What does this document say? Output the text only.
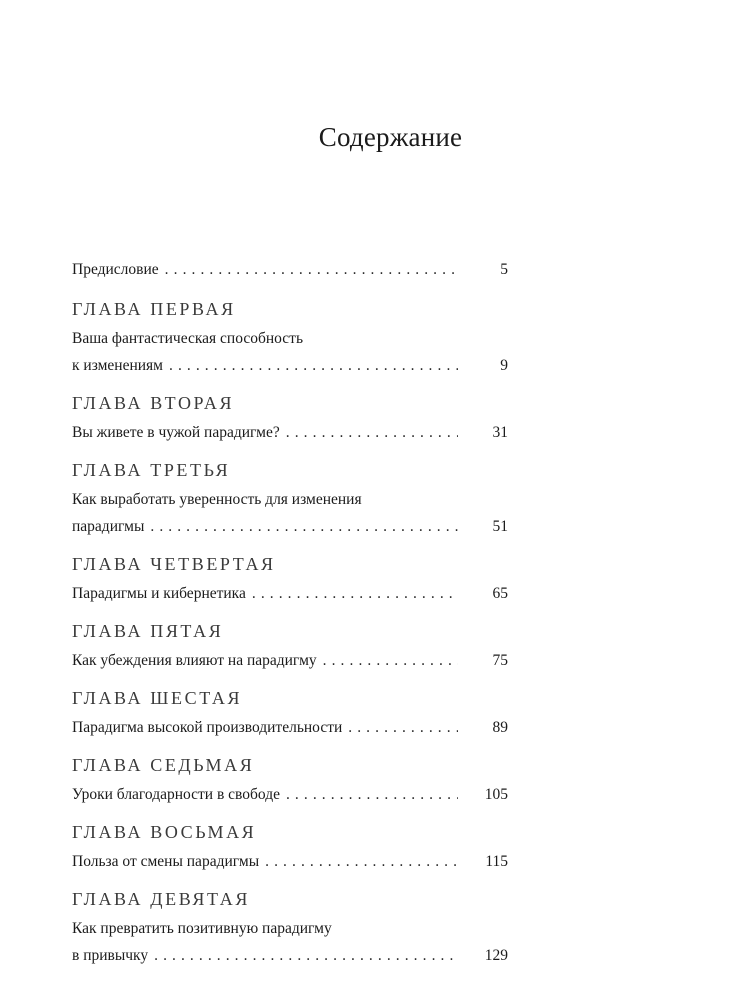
Содержание
Предисловие . . .	5
ГЛАВА ПЕРВАЯ
Ваша фантастическая способность
к изменениям . . .	9
ГЛАВА ВТОРАЯ
Вы живете в чужой парадигме? . . .	31
ГЛАВА ТРЕТЬЯ
Как выработать уверенность для изменения
парадигмы . . .	51
ГЛАВА ЧЕТВЕРТАЯ
Парадигмы и кибернетика . . .	65
ГЛАВА ПЯТАЯ
Как убеждения влияют на парадигму . . .	75
ГЛАВА ШЕСТАЯ
Парадигма высокой производительности . . .	89
ГЛАВА СЕДЬМАЯ
Уроки благодарности в свободе . . .	105
ГЛАВА ВОСЬМАЯ
Польза от смены парадигмы . . .	115
ГЛАВА ДЕВЯТАЯ
Как превратить позитивную парадигму
в привычку . . .	129
